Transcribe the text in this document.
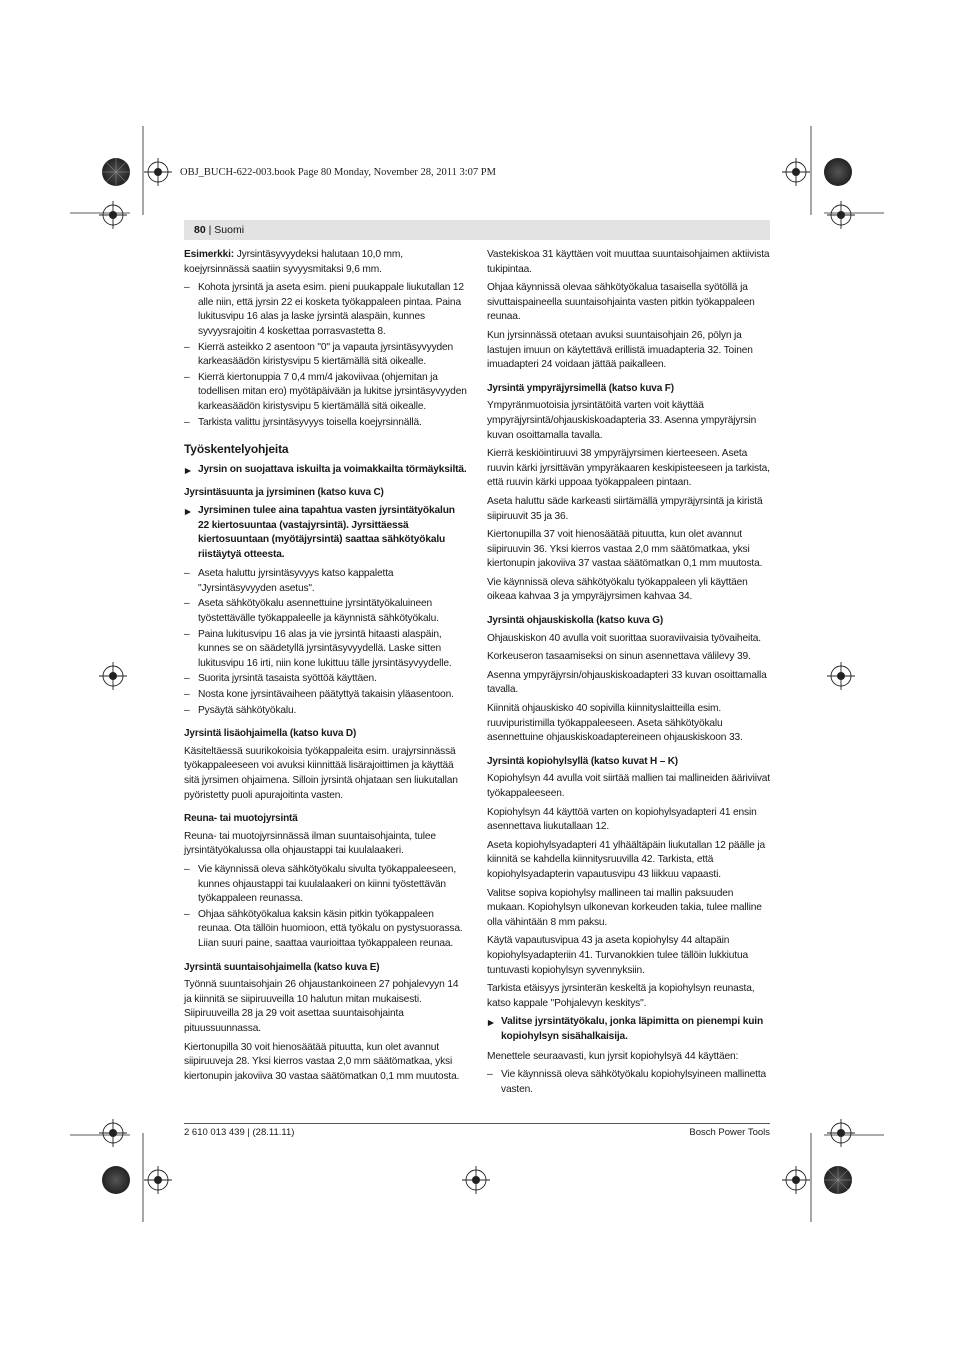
OBJ_BUCH-622-003.book Page 80 Monday, November 28, 2011 3:07 PM
80 | Suomi

Esimerkki: Jyrsintäsyvyydeksi halutaan 10,0 mm, koejyrsinnässä saatiin syvyysmitaksi 9,6 mm.

– Kohota jyrsintä ja aseta esim. pieni puukappale liukutallan 12 alle niin, että jyrsin 22 ei kosketa työkappaleen pintaa. Paina lukitusvipu 16 alas ja laske jyrsintä alaspäin, kunnes syvyysrajoitin 4 koskettaa porrasvastetta 8.
– Kierrä asteikko 2 asentoon "0" ja vapauta jyrsintäsyvyyden karkeasäädön kiristysvipu 5 kiertämällä sitä oikealle.
– Kierrä kiertonuppia 7 0,4 mm/4 jakoviivaa (ohjemitan ja todellisen mitan ero) myötäpäivään ja lukitse jyrsintäsyvyyden karkeasäädön kiristysvipu 5 kiertämällä sitä oikealle.
– Tarkista valittu jyrsintäsyvyys toisella koejyrsinnällä.
Työskentelyohjeita
▶ Jyrsin on suojattava iskuilta ja voimakkailta törmäyksiltä.
Jyrsintäsuunta ja jyrsiminen (katso kuva C)
▶ Jyrsiminen tulee aina tapahtua vasten jyrsintätyökalun 22 kiertosuuntaa (vastajyrsintä). Jyrsittäessä kiertosuuntaan (myötäjyrsintä) saattaa sähkötyökalu riistäytyä otteesta.
– Aseta haluttu jyrsintäsyvyys katso kappaletta "Jyrsintäsyvyyden asetus".
– Aseta sähkötyökalu asennettuine jyrsintätyökaluineen työstettävälle työkappaleelle ja käynnistä sähkötyökalu.
– Paina lukitusvipu 16 alas ja vie jyrsintä hitaasti alaspäin, kunnes se on säädetyllä jyrsintäsyvyydellä. Laske sitten lukitusvipu 16 irti, niin kone lukittuu tälle jyrsintäsyvyydelle.
– Suorita jyrsintä tasaista syöttöä käyttäen.
– Nosta kone jyrsintävaiheen päätyttyä takaisin yläasentoon.
– Pysäytä sähkötyökalu.
Jyrsintä lisäohjaimella (katso kuva D)

Käsiteltäessä suurikokoisia työkappaleita esim. urajyrsinnässä työkappaleeseen voi avuksi kiinnittää lisärajoittimen ja käyttää sitä jyrsimen ohjaimena. Silloin jyrsintä ohjataan sen liukutallan pyöristetty puoli apurajoitinta vasten.

Reuna- tai muotojyrsintä

Reuna- tai muotojyrsinnässä ilman suuntaisohjainta, tulee jyrsintätyökalussa olla ohjaustappi tai kuulalaakeri.

– Vie käynnissä oleva sähkötyökalu sivulta työkappaleeseen, kunnes ohjaustappi tai kuulalaakeri on kiinni työstettävän työkappaleen reunassa.
– Ohjaa sähkötyökalua kaksin käsin pitkin työkappaleen reunaa. Ota tällöin huomioon, että työkalu on pystysuorassa. Liian suuri paine, saattaa vaurioittaa työkappaleen reunaa.
Jyrsintä suuntaisohjaimella (katso kuva E)

Työnnä suuntaisohjain 26 ohjaustankoineen 27 pohjalevyyn 14 ja kiinnitä se siipiruuveilla 10 halutun mitan mukaisesti. Siipiruuveilla 28 ja 29 voit asettaa suuntaisohjainta pituussuunnassa.

Kiertonupilla 30 voit hienosäätää pituutta, kun olet avannut siipiruuveja 28. Yksi kierros vastaa 2,0 mm säätömatkaa, yksi kiertonupin jakoviiva 30 vastaa säätömatkan 0,1 mm muutosta.

Vastekiskoa 31 käyttäen voit muuttaa suuntaisohjaimen aktiivista tukipintaa.

Ohjaa käynnissä olevaa sähkötyökalua tasaisella syötöllä ja sivuttaispaineella suuntaisohjainta vasten pitkin työkappaleen reunaa.

Kun jyrsinnässä otetaan avuksi suuntaisohjain 26, pölyn ja lastujen imuun on käytettävä erillistä imuadapteria 32. Toinen imuadapteri 24 voidaan jättää paikalleen.

Jyrsintä ympyräjyrsimellä (katso kuva F)

Ympyränmuotoisia jyrsintätöitä varten voit käyttää ympyräjyrsintä/ohjauskiskoadapteria 33. Asenna ympyräjyrsin kuvan osoittamalla tavalla.

Kierrä keskiöintiruuvi 38 ympyräjyrsimen kierteeseen. Aseta ruuvin kärki jyrsittävän ympyräkaaren keskipisteeseen ja tarkista, että ruuvin kärki uppoaa työkappaleen pintaan.

Aseta haluttu säde karkeasti siirtämällä ympyräjyrsintä ja kiristä siipiruuvit 35 ja 36.

Kiertonupilla 37 voit hienosäätää pituutta, kun olet avannut siipiruuvin 36. Yksi kierros vastaa 2,0 mm säätömatkaa, yksi kiertonupin jakoviiva 37 vastaa säätömatkan 0,1 mm muutosta.

Vie käynnissä oleva sähkötyökalu työkappaleen yli käyttäen oikeaa kahvaa 3 ja ympyräjyrsimen kahvaa 34.

Jyrsintä ohjauskiskolla (katso kuva G)

Ohjauskiskon 40 avulla voit suorittaa suoraviivaisia työvaiheita.

Korkeuseron tasaamiseksi on sinun asennettava välilevy 39.

Asenna ympyräjyrsin/ohjauskiskoadapteri 33 kuvan osoittamalla tavalla.

Kiinnitä ohjauskisko 40 sopivilla kiinnityslaitteilla esim. ruuvipuristimilla työkappaleeseen. Aseta sähkötyökalu asennettuine ohjauskiskoadaptereineen ohjauskiskoon 33.

Jyrsintä kopiohylsyllä (katso kuvat H – K)

Kopiohylsyn 44 avulla voit siirtää mallien tai mallineiden ääriviivat työkappaleeseen.

Kopiohylsyn 44 käyttöä varten on kopiohylsyadapteri 41 ensin asennettava liukutallaan 12.

Aseta kopiohylsyadapteri 41 ylhäältäpäin liukutallan 12 päälle ja kiinnitä se kahdella kiinnitysruuvilla 42. Tarkista, että kopiohylsyadapterin vapautusvipu 43 liikkuu vapaasti.

Valitse sopiva kopiohylsy mallineen tai mallin paksuuden mukaan. Kopiohylsyn ulkonevan korkeuden takia, tulee malline olla vähintään 8 mm paksu.

Käytä vapautusvipua 43 ja aseta kopiohylsy 44 altapäin kopiohylsyadapteriin 41. Turvanokkien tulee tällöin lukkiutua tuntuvasti kopiohylsyn syvennyksiin.

Tarkista etäisyys jyrsinterän keskeltä ja kopiohylsyn reunasta, katso kappale "Pohjalevyn keskitys".

▶ Valitse jyrsintätyökalu, jonka läpimitta on pienempi kuin kopiohylsyn sisähalkaisija.

Menettele seuraavasti, kun jyrsit kopiohylsyä 44 käyttäen:

– Vie käynnissä oleva sähkötyökalu kopiohylsyineen mallinetta vasten.
2 610 013 439 | (28.11.11)	Bosch Power Tools
